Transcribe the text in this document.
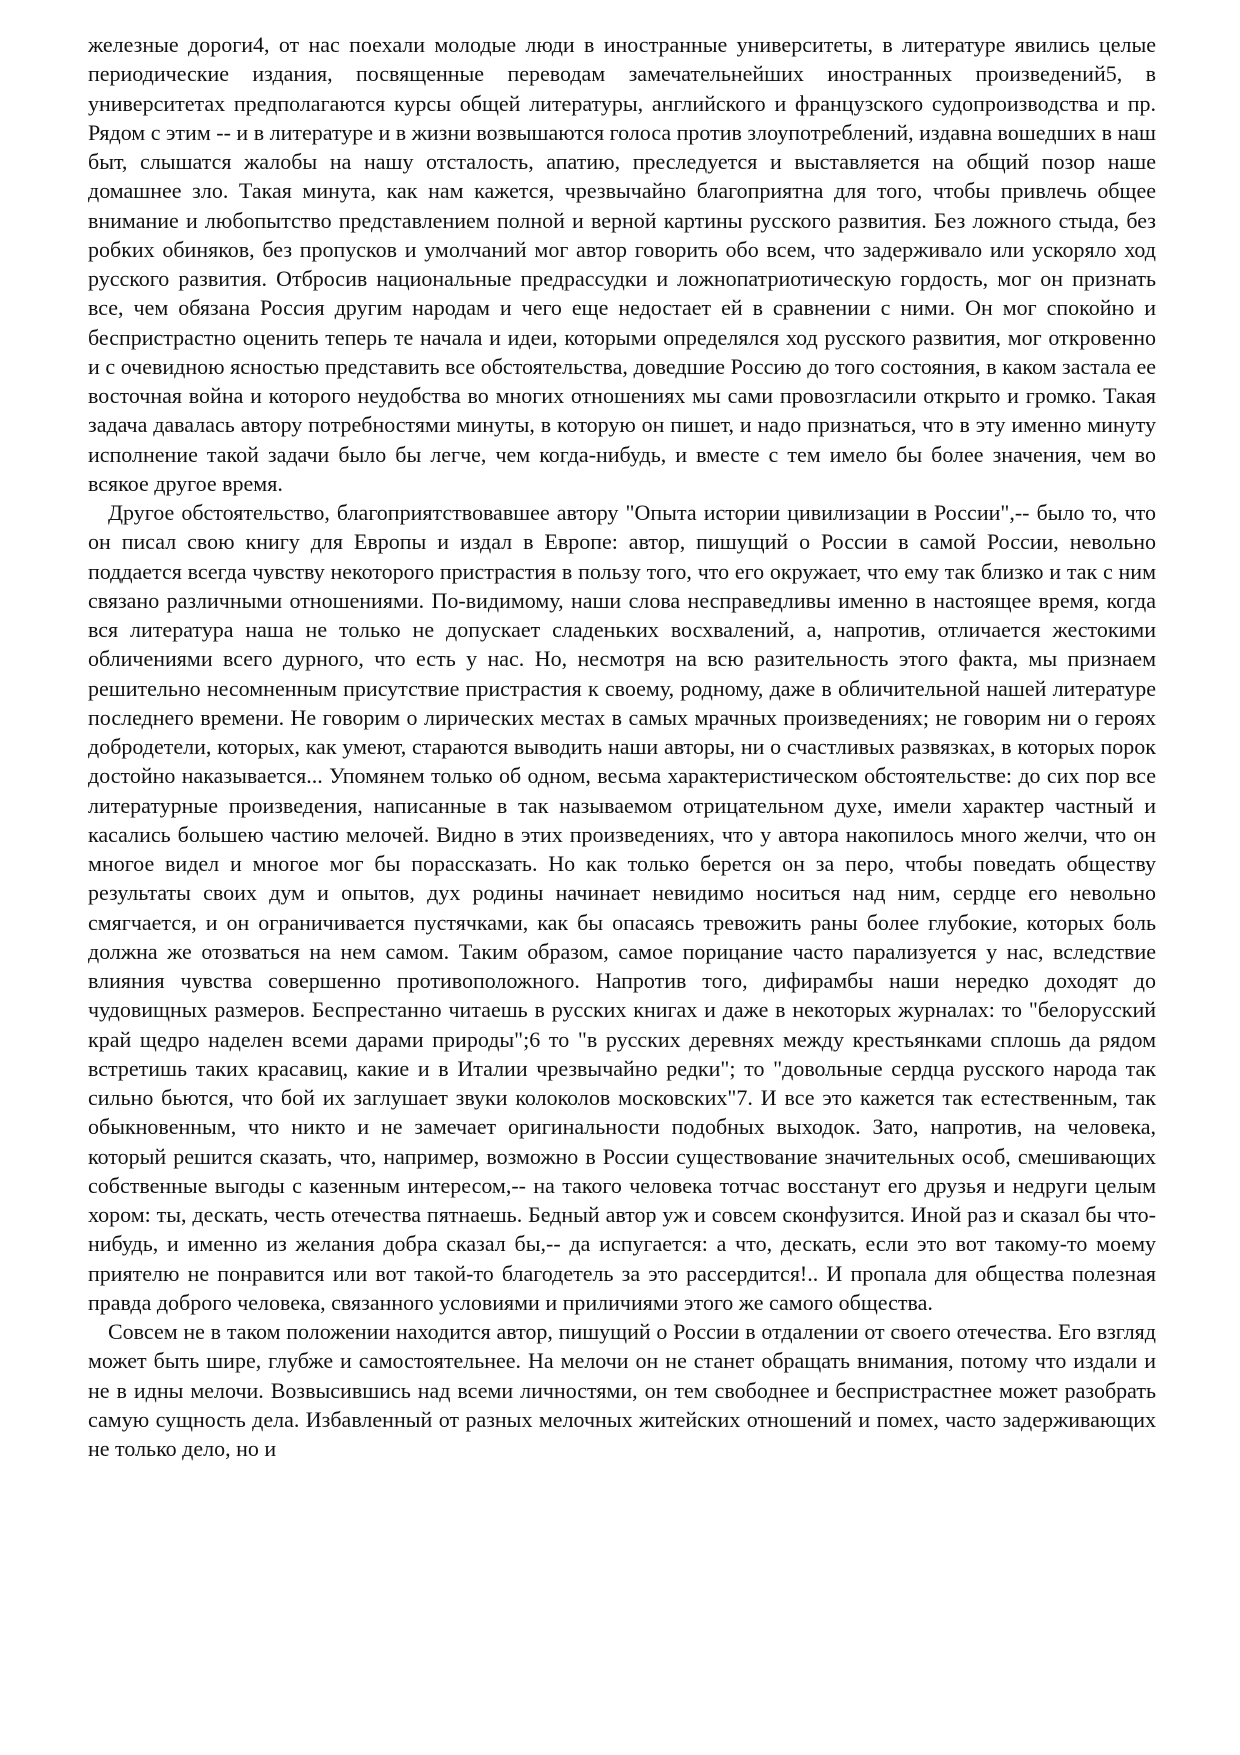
железные дороги4, от нас поехали молодые люди в иностранные университеты, в литературе явились целые периодические издания, посвященные переводам замечательнейших иностранных произведений5, в университетах предполагаются курсы общей литературы, английского и французского судопроизводства и пр. Рядом с этим -- и в литературе и в жизни возвышаются голоса против злоупотреблений, издавна вошедших в наш быт, слышатся жалобы на нашу отсталость, апатию, преследуется и выставляется на общий позор наше домашнее зло. Такая минута, как нам кажется, чрезвычайно благоприятна для того, чтобы привлечь общее внимание и любопытство представлением полной и верной картины русского развития. Без ложного стыда, без робких обиняков, без пропусков и умолчаний мог автор говорить обо всем, что задерживало или ускоряло ход русского развития. Отбросив национальные предрассудки и ложнопатриотическую гордость, мог он признать все, чем обязана Россия другим народам и чего еще недостает ей в сравнении с ними. Он мог спокойно и беспристрастно оценить теперь те начала и идеи, которыми определялся ход русского развития, мог откровенно и с очевидною ясностью представить все обстоятельства, доведшие Россию до того состояния, в каком застала ее восточная война и которого неудобства во многих отношениях мы сами провозгласили открыто и громко. Такая задача давалась автору потребностями минуты, в которую он пишет, и надо признаться, что в эту именно минуту исполнение такой задачи было бы легче, чем когда-нибудь, и вместе с тем имело бы более значения, чем во всякое другое время.

Другое обстоятельство, благоприятствовавшее автору "Опыта истории цивилизации в России",-- было то, что он писал свою книгу для Европы и издал в Европе: автор, пишущий о России в самой России, невольно поддается всегда чувству некоторого пристрастия в пользу того, что его окружает, что ему так близко и так с ним связано различными отношениями. По-видимому, наши слова несправедливы именно в настоящее время, когда вся литература наша не только не допускает сладеньких восхвалений, а, напротив, отличается жестокими обличениями всего дурного, что есть у нас. Но, несмотря на всю разительность этого факта, мы признаем решительно несомненным присутствие пристрастия к своему, родному, даже в обличительной нашей литературе последнего времени. Не говорим о лирических местах в самых мрачных произведениях; не говорим ни о героях добродетели, которых, как умеют, стараются выводить наши авторы, ни о счастливых развязках, в которых порок достойно наказывается... Упомянем только об одном, весьма характеристическом обстоятельстве: до сих пор все литературные произведения, написанные в так называемом отрицательном духе, имели характер частный и касались большею частию мелочей. Видно в этих произведениях, что у автора накопилось много желчи, что он многое видел и многое мог бы порассказать. Но как только берется он за перо, чтобы поведать обществу результаты своих дум и опытов, дух родины начинает невидимо носиться над ним, сердце его невольно смягчается, и он ограничивается пустячками, как бы опасаясь тревожить раны более глубокие, которых боль должна же отозваться на нем самом. Таким образом, самое порицание часто парализуется у нас, вследствие влияния чувства совершенно противоположного. Напротив того, дифирамбы наши нередко доходят до чудовищных размеров. Беспрестанно читаешь в русских книгах и даже в некоторых журналах: то "белорусский край щедро наделен всеми дарами природы";6 то "в русских деревнях между крестьянками сплошь да рядом встретишь таких красавиц, какие и в Италии чрезвычайно редки"; то "довольные сердца русского народа так сильно бьются, что бой их заглушает звуки колоколов московских"7. И все это кажется так естественным, так обыкновенным, что никто и не замечает оригинальности подобных выходок. Зато, напротив, на человека, который решится сказать, что, например, возможно в России существование значительных особ, смешивающих собственные выгоды с казенным интересом,-- на такого человека тотчас восстанут его друзья и недруги целым хором: ты, дескать, честь отечества пятнаешь. Бедный автор уж и совсем сконфузится. Иной раз и сказал бы что-нибудь, и именно из желания добра сказал бы,-- да испугается: а что, дескать, если это вот такому-то моему приятелю не понравится или вот такой-то благодетель за это рассердится!.. И пропала для общества полезная правда доброго человека, связанного условиями и приличиями этого же самого общества.

Совсем не в таком положении находится автор, пишущий о России в отдалении от своего отечества. Его взгляд может быть шире, глубже и самостоятельнее. На мелочи он не станет обращать внимания, потому что издали и не в идны мелочи. Возвысившись над всеми личностями, он тем свободнее и беспристрастнее может разобрать самую сущность дела. Избавленный от разных мелочных житейских отношений и помех, часто задерживающих не только дело, но и
